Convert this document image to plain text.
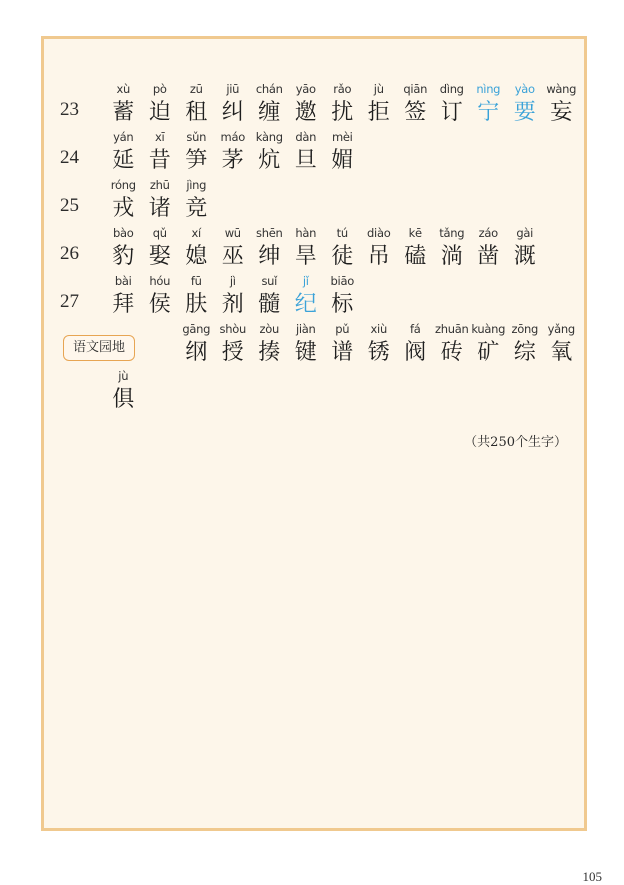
23
xù
蓄
pò
迫
zū
租
jiū
纠
chán
缠
yāo
邀
rǎo
扰
jù
拒
qiān
签
dìng
订
nìng
宁
yào
要
wàng
妄
24
yán
延
xī
昔
sǔn
笋
máo
茅
kàng
炕
dàn
旦
mèi
媚
25
róng
戎
zhū
诸
jìng
竞
26
bào
豹
qǔ
娶
xí
媳
wū
巫
shēn
绅
hàn
旱
tú
徒
diào
吊
kē
磕
tǎng
淌
záo
凿
gài
溉
27
bài
拜
hóu
侯
fū
肤
jì
剂
suǐ
髓
jǐ
纪
biāo
标
gāng
纲
shòu
授
zòu
揍
jiàn
键
pǔ
谱
xiù
锈
fá
阀
zhuān
砖
kuàng
矿
zōng
综
yǎng
氧
jù
俱
语文园地
（共250个生字）
105
